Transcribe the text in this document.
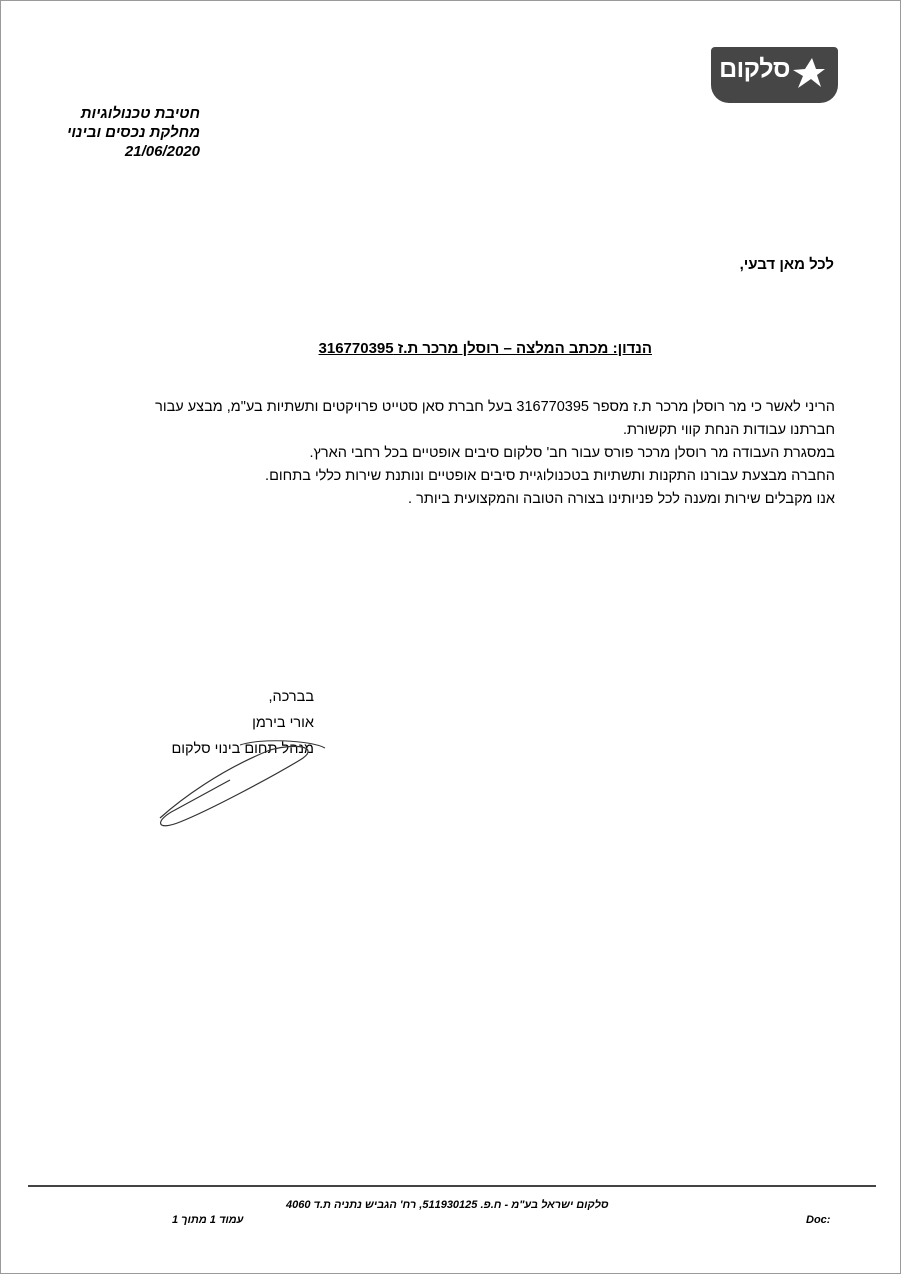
סלקום
חטיבת טכנולוגיות
מחלקת נכסים ובינוי
21/06/2020
לכל מאן דבעי,
הנדון: מכתב המלצה – רוסלן מרכר ת.ז 316770395
הריני לאשר כי מר רוסלן מרכר ת.ז מספר 316770395 בעל חברת סאן סטייט פרויקטים ותשתיות בע"מ, מבצע עבור
חברתנו עבודות הנחת קווי תקשורת.
במסגרת העבודה מר רוסלן מרכר פורס עבור חב' סלקום סיבים אופטיים בכל רחבי הארץ.
החברה מבצעת עבורנו התקנות ותשתיות בטכנולוגיית סיבים אופטיים ונותנת שירות כללי בתחום.
אנו מקבלים שירות ומענה לכל פניותינו בצורה הטובה והמקצועית ביותר .
בברכה,
אורי בירמן
מנהל תחום בינוי סלקום
סלקום ישראל בע"מ - ח.פ. 511930125, רח' הגביש נתניה ת.ד 4060
עמוד 1 מתוך 1	Doc:
